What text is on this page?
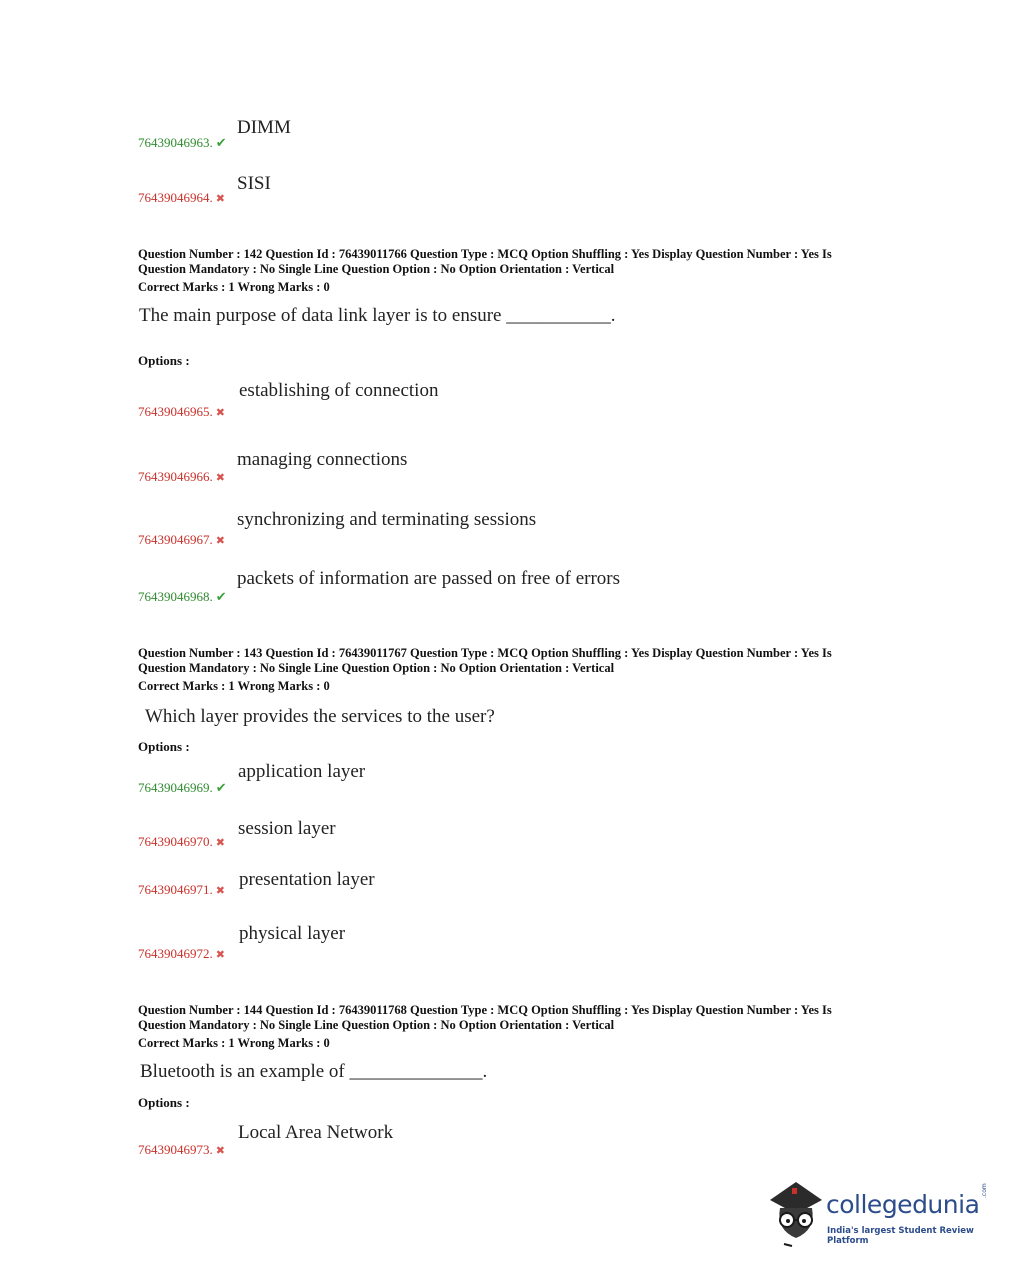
DIMM
76439046963. ✔
SISI
76439046964. ✖
Question Number : 142 Question Id : 76439011766 Question Type : MCQ Option Shuffling : Yes Display Question Number : Yes Is
Question Mandatory : No Single Line Question Option : No Option Orientation : Vertical
Correct Marks : 1 Wrong Marks : 0
The main purpose of data link layer is to ensure ___________.
Options :
establishing of connection
76439046965. ✖
managing connections
76439046966. ✖
synchronizing and terminating sessions
76439046967. ✖
packets of information are passed on free of errors
76439046968. ✔
Question Number : 143 Question Id : 76439011767 Question Type : MCQ Option Shuffling : Yes Display Question Number : Yes Is
Question Mandatory : No Single Line Question Option : No Option Orientation : Vertical
Correct Marks : 1 Wrong Marks : 0
Which layer provides the services to the user?
Options :
application layer
76439046969. ✔
session layer
76439046970. ✖
76439046971. ✖
presentation layer
physical layer
76439046972. ✖
Question Number : 144 Question Id : 76439011768 Question Type : MCQ Option Shuffling : Yes Display Question Number : Yes Is
Question Mandatory : No Single Line Question Option : No Option Orientation : Vertical
Correct Marks : 1 Wrong Marks : 0
Bluetooth is an example of ______________.
Options :
Local Area Network
76439046973. ✖
collegedunia .com
India's largest Student Review Platform
